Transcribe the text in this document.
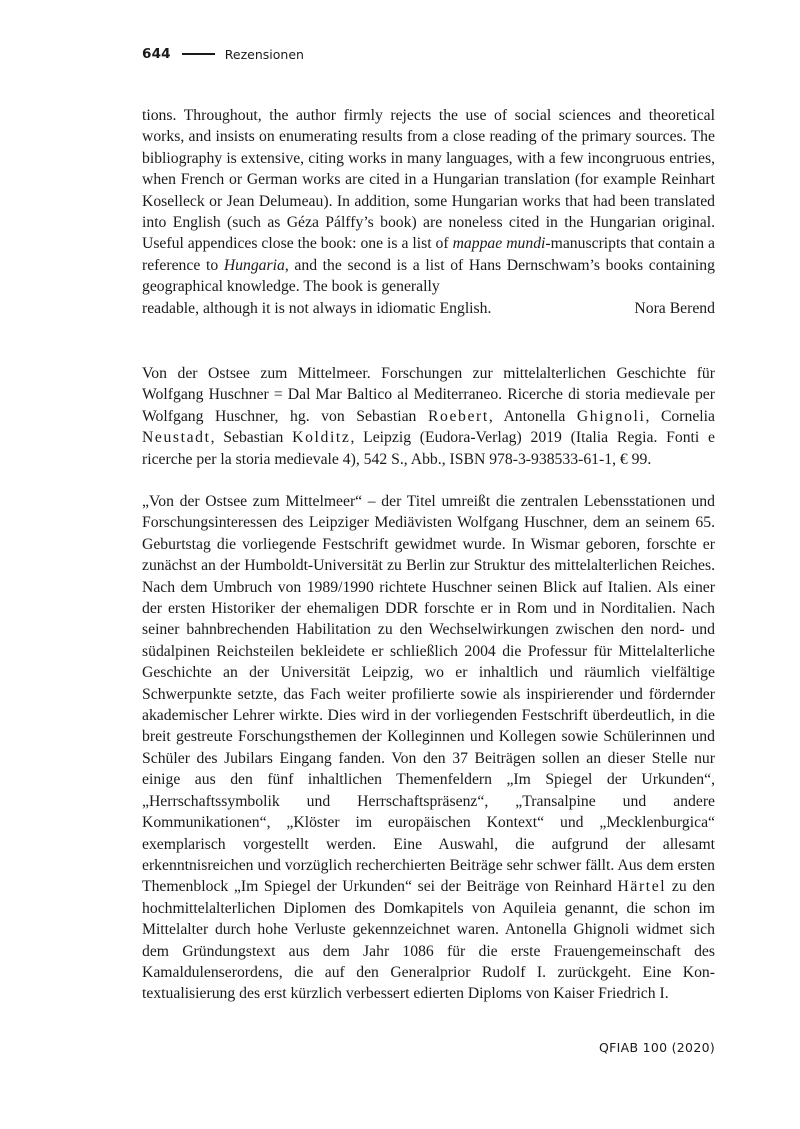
644	Rezensionen

tions. Throughout, the author firmly rejects the use of social sciences and theoretical works, and insists on enumerating results from a close reading of the primary sources. The bibliography is extensive, citing works in many languages, with a few incongruous entries, when French or German works are cited in a Hungarian translation (for example Reinhart Koselleck or Jean Delumeau). In addition, some Hungarian works that had been translated into English (such as Géza Pálffy’s book) are noneless cited in the Hungarian original. Useful appendices close the book: one is a list of mappae mundi-manuscripts that contain a reference to Hungaria, and the second is a list of Hans Dernschwam’s books containing geographical knowledge. The book is generally

readable, although it is not always in idiomatic English.	Nora Berend

Von der Ostsee zum Mittelmeer. Forschungen zur mittelalterlichen Geschichte für Wolfgang Huschner = Dal Mar Baltico al Mediterraneo. Ricerche di storia medievale per Wolfgang Huschner, hg. von Sebastian Roebert, Antonella Ghignoli, Cornelia Neustadt, Sebastian Kolditz, Leipzig (Eudora-Verlag) 2019 (Italia Regia. Fonti e ricerche per la storia medievale 4), 542 S., Abb., ISBN 978-3-938533-61-1, € 99.

„Von der Ostsee zum Mittelmeer“ – der Titel umreißt die zentralen Lebensstationen und Forschungsinteressen des Leipziger Mediävisten Wolfgang Huschner, dem an seinem 65. Geburtstag die vorliegende Festschrift gewidmet wurde. In Wismar geboren, forschte er zunächst an der Humboldt-Universität zu Berlin zur Struktur des mittelalterlichen Reiches. Nach dem Umbruch von 1989/1990 richtete Huschner seinen Blick auf Italien. Als einer der ersten Historiker der ehemaligen DDR forschte er in Rom und in Norditalien. Nach seiner bahnbrechenden Habilitation zu den Wechselwirkungen zwischen den nord- und südalpinen Reichsteilen bekleidete er schließlich 2004 die Professur für Mittelalterliche Geschichte an der Universität Leipzig, wo er inhaltlich und räumlich vielfältige Schwerpunkte setzte, das Fach weiter profilierte sowie als inspirierender und fördernder akademischer Lehrer wirkte. Dies wird in der vorliegenden Festschrift überdeutlich, in die breit gestreute Forschungsthemen der Kolleginnen und Kollegen sowie Schülerinnen und Schüler des Jubilars Eingang fanden. Von den 37 Beiträgen sollen an dieser Stelle nur einige aus den fünf inhaltlichen Themenfeldern „Im Spiegel der Urkunden“, „Herrschaftssymbolik und Herrschaftspräsenz“, „Transalpine und andere Kommunikationen“, „Klöster im europäischen Kontext“ und „Mecklenburgica“ exemplarisch vorgestellt werden. Eine Auswahl, die aufgrund der allesamt erkenntnisreichen und vorzüglich recherchierten Beiträge sehr schwer fällt. Aus dem ersten Themenblock „Im Spiegel der Urkunden“ sei der Beiträge von Reinhard Härtel zu den hochmittelalterlichen Diplomen des Domkapitels von Aquileia genannt, die schon im Mittelalter durch hohe Verluste gekennzeichnet waren. Antonella Ghignoli widmet sich dem Gründungstext aus dem Jahr 1086 für die erste Frauengemeinschaft des Kamaldulenserordens, die auf den Generalprior Rudolf I. zurückgeht. Eine Kontextualisierung des erst kürzlich verbessert edierten Diploms von Kaiser Friedrich I.

QFIAB 100 (2020)
